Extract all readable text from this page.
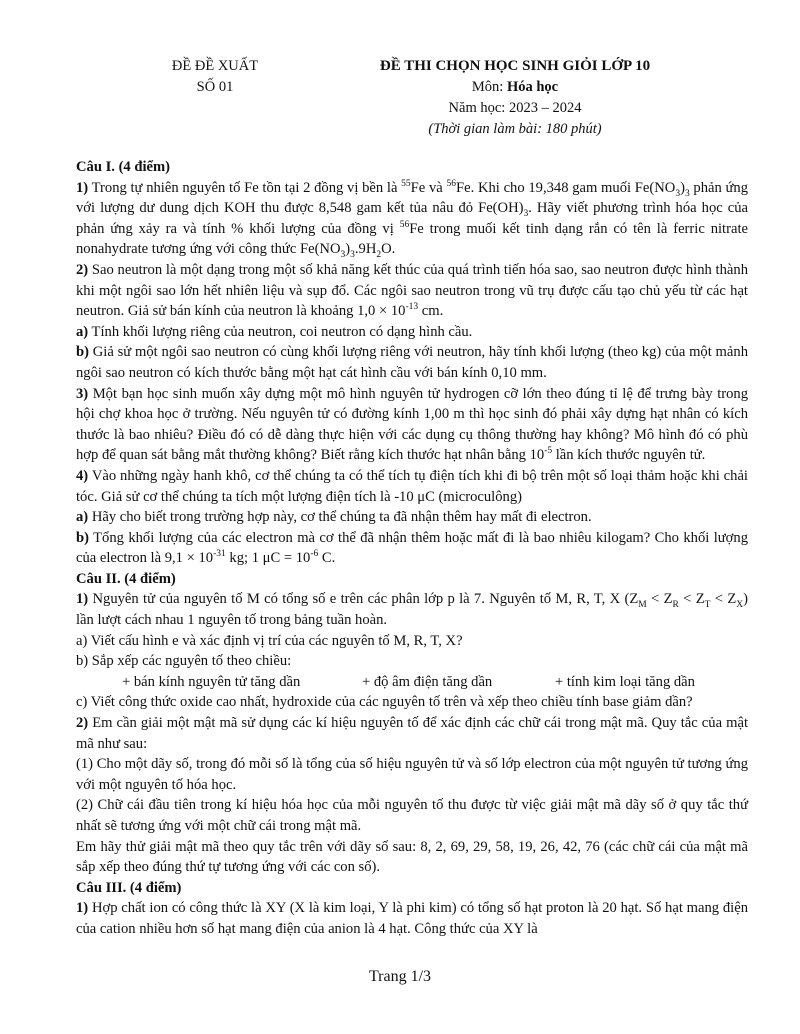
ĐỀ ĐỀ XUẤT
SỐ 01
ĐỀ THI CHỌN HỌC SINH GIỎI LỚP 10
Môn: Hóa học
Năm học: 2023 – 2024
(Thời gian làm bài: 180 phút)

Câu I. (4 điểm)

1) Trong tự nhiên nguyên tố Fe tồn tại 2 đồng vị bền là $^{55}$Fe và $^{56}$Fe. Khi cho 19,348 gam muối $Fe(NO_3)_3$ phản ứng với lượng dư dung dịch KOH thu được 8,548 gam kết tủa nâu đỏ $Fe(OH)_3$. Hãy viết phương trình hóa học của phản ứng xảy ra và tính % khối lượng của đồng vị $^{56}$Fe trong muối kết tinh dạng rắn có tên là ferric nitrate nonahydrate tương ứng với công thức $Fe(NO_3)_3.9H_2O$.

2) Sao neutron là một dạng trong một số khả năng kết thúc của quá trình tiến hóa sao, sao neutron được hình thành khi một ngôi sao lớn hết nhiên liệu và sụp đổ. Các ngôi sao neutron trong vũ trụ được cấu tạo chủ yếu từ các hạt neutron. Giả sử bán kính của neutron là khoảng $1,0 \times 10^{-13}$ cm.

a) Tính khối lượng riêng của neutron, coi neutron có dạng hình cầu.

b) Giả sử một ngôi sao neutron có cùng khối lượng riêng với neutron, hãy tính khối lượng (theo kg) của một mảnh ngôi sao neutron có kích thước bằng một hạt cát hình cầu với bán kính 0,10 mm.

3) Một bạn học sinh muốn xây dựng một mô hình nguyên tử hydrogen cỡ lớn theo đúng tỉ lệ để trưng bày trong hội chợ khoa học ở trường. Nếu nguyên tử có đường kính 1,00 m thì học sinh đó phải xây dựng hạt nhân có kích thước là bao nhiêu? Điều đó có dễ dàng thực hiện với các dụng cụ thông thường hay không? Mô hình đó có phù hợp để quan sát bằng mắt thường không? Biết rằng kích thước hạt nhân bằng $10^{-5}$ lần kích thước nguyên tử.

4) Vào những ngày hanh khô, cơ thể chúng ta có thể tích tụ điện tích khi đi bộ trên một số loại thảm hoặc khi chải tóc. Giả sử cơ thể chúng ta tích một lượng điện tích là -10 μC (microculông)

a) Hãy cho biết trong trường hợp này, cơ thể chúng ta đã nhận thêm hay mất đi electron.

b) Tổng khối lượng của các electron mà cơ thể đã nhận thêm hoặc mất đi là bao nhiêu kilogam? Cho khối lượng của electron là $9,1 \times 10^{-31}$ kg; 1 $\mu C = 10^{-6}$ C.

Câu II. (4 điểm)

1) Nguyên tử của nguyên tố M có tổng số e trên các phân lớp p là 7. Nguyên tố M, R, T, X $(Z_M < Z_R < Z_T < Z_X)$ lần lượt cách nhau 1 nguyên tố trong bảng tuần hoàn.

a) Viết cấu hình e và xác định vị trí của các nguyên tố M, R, T, X?

b) Sắp xếp các nguyên tố theo chiều:

+ bán kính nguyên tử tăng dần	+ độ âm điện tăng dần	+ tính kim loại tăng dần

c) Viết công thức oxide cao nhất, hydroxide của các nguyên tố trên và xếp theo chiều tính base giảm dần?

2) Em cần giải một mật mã sử dụng các kí hiệu nguyên tố để xác định các chữ cái trong mật mã. Quy tắc của mật mã như sau:

(1) Cho một dãy số, trong đó mỗi số là tổng của số hiệu nguyên tử và số lớp electron của một nguyên tử tương ứng với một nguyên tố hóa học.

(2) Chữ cái đầu tiên trong kí hiệu hóa học của mỗi nguyên tố thu được từ việc giải mật mã dãy số ở quy tắc thứ nhất sẽ tương ứng với một chữ cái trong mật mã.

Em hãy thử giải mật mã theo quy tắc trên với dãy số sau: 8, 2, 69, 29, 58, 19, 26, 42, 76 (các chữ cái của mật mã sắp xếp theo đúng thứ tự tương ứng với các con số).

Câu III. (4 điểm)

1) Hợp chất ion có công thức là XY (X là kim loại, Y là phi kim) có tổng số hạt proton là 20 hạt. Số hạt mang điện của cation nhiều hơn số hạt mang điện của anion là 4 hạt. Công thức của XY là

Trang 1/3
